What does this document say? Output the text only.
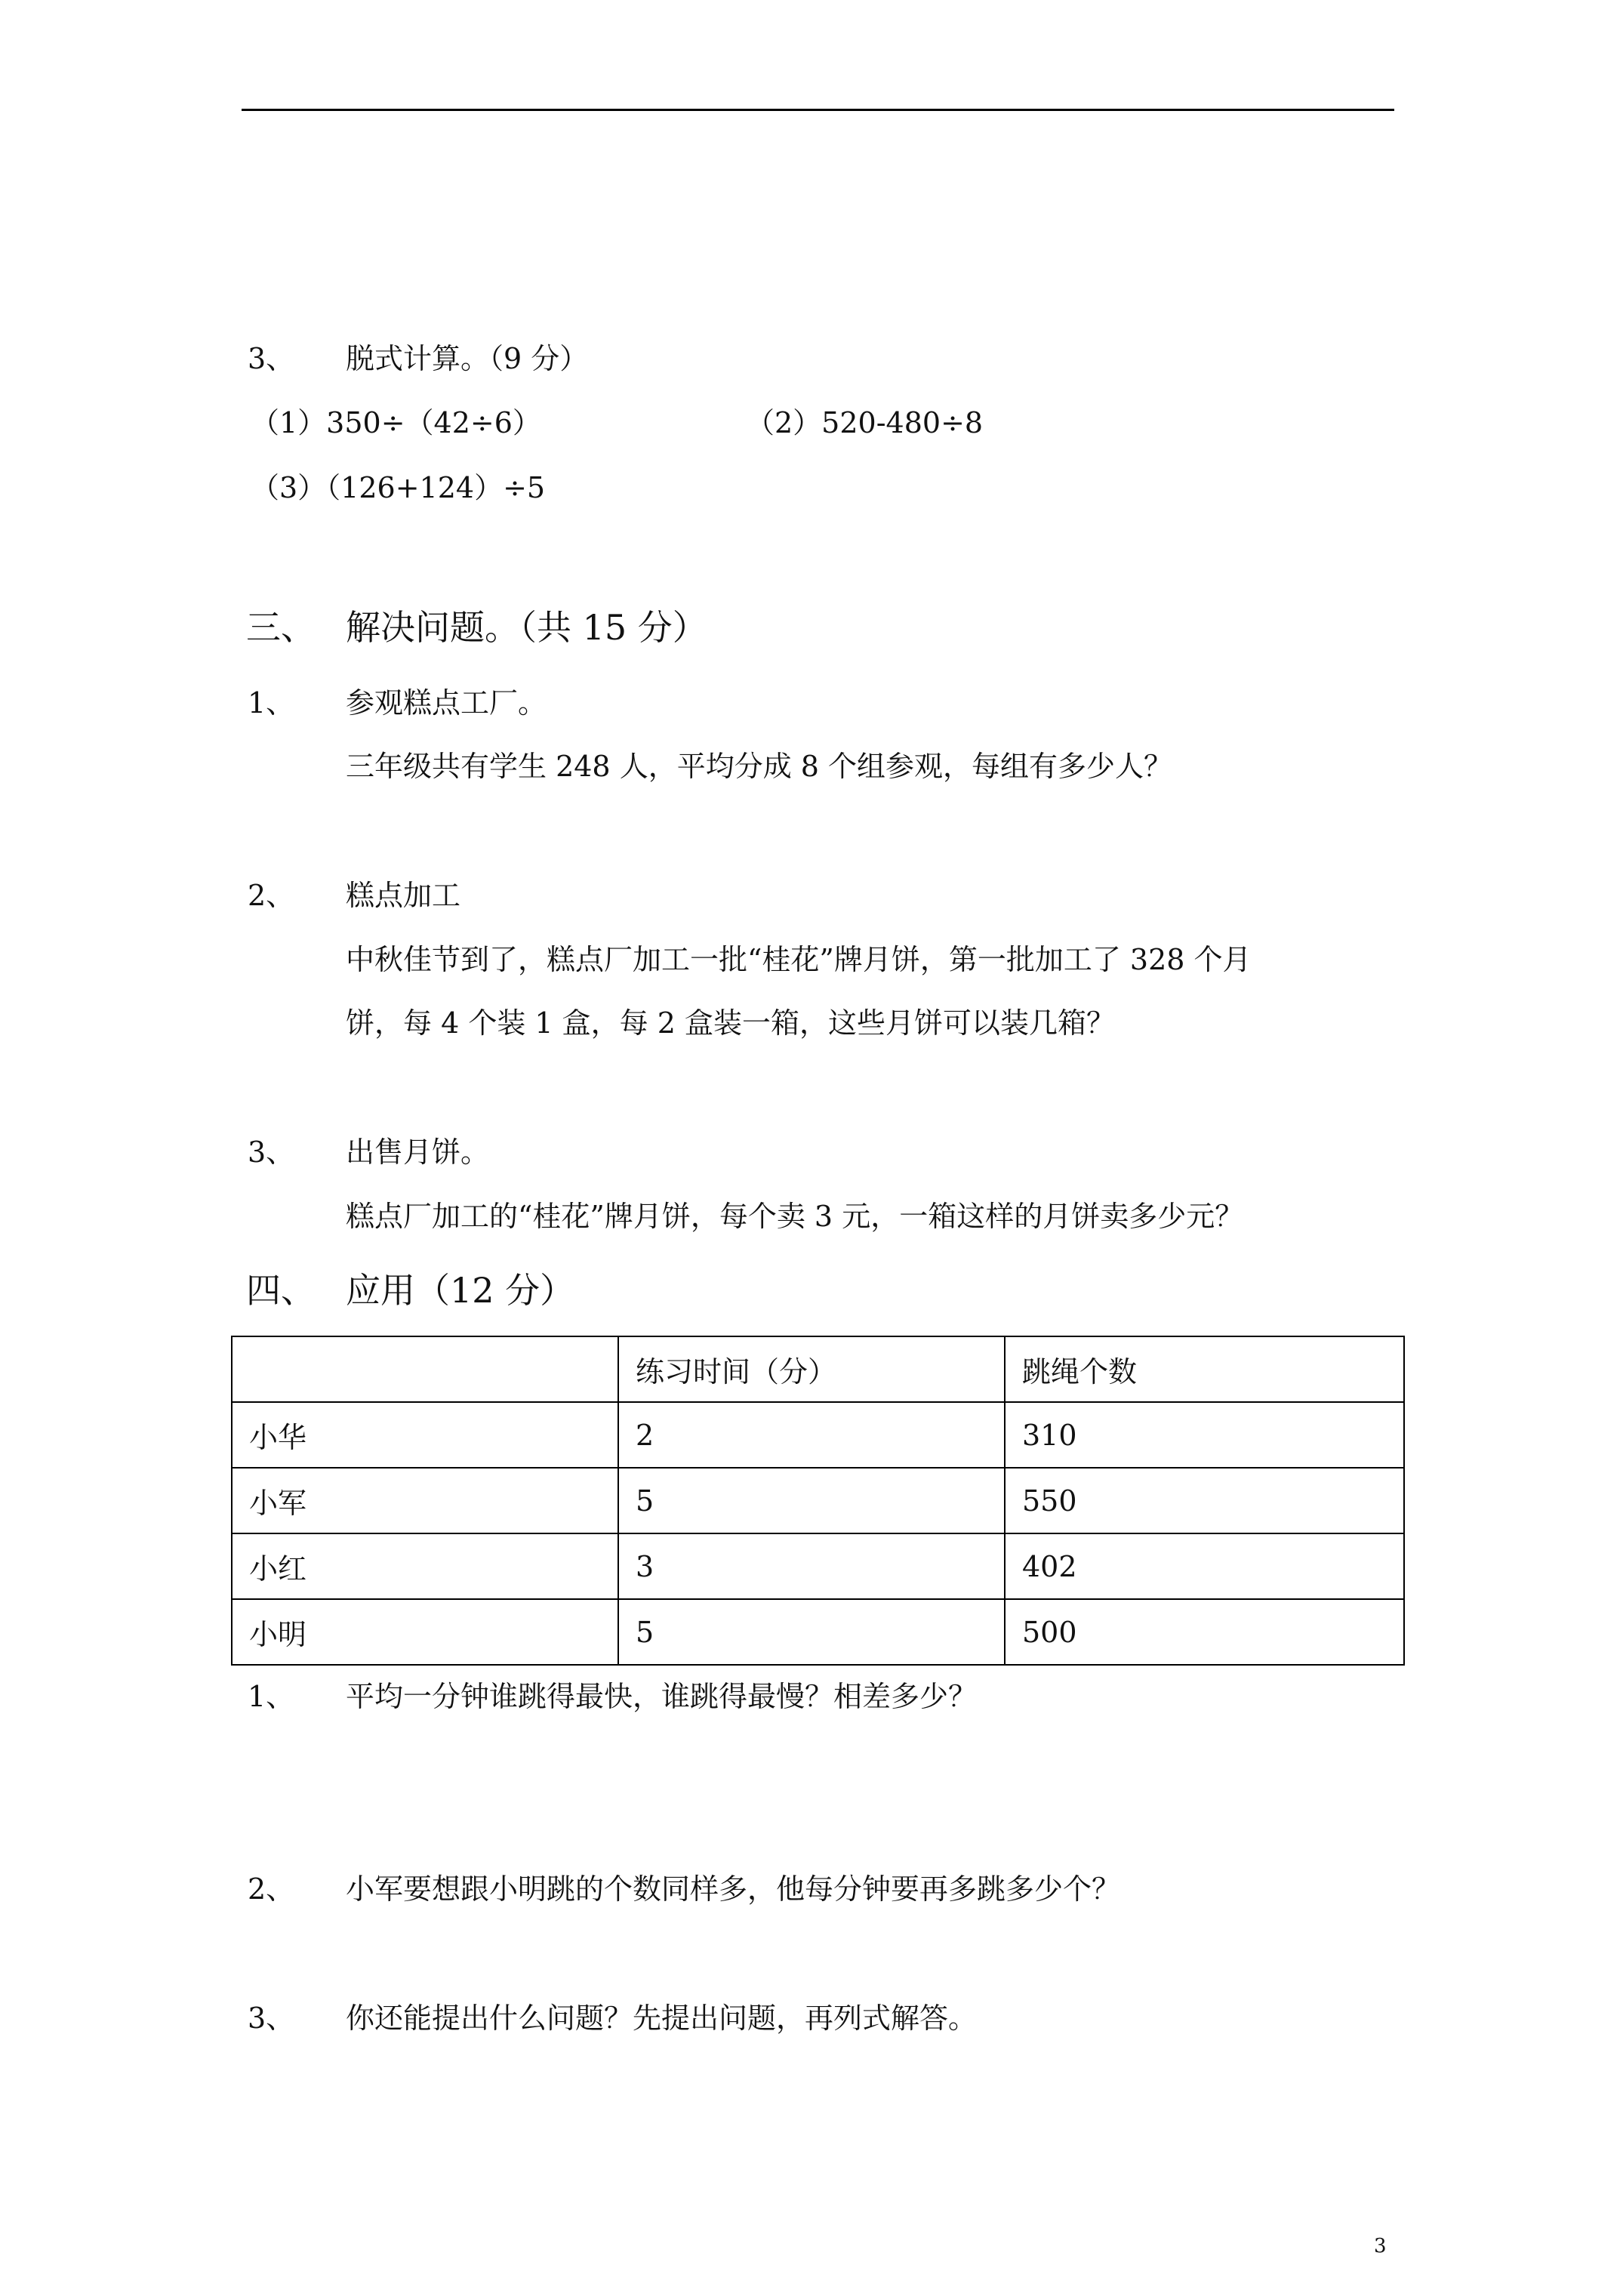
3、 脱式计算。（9 分）
（1）350÷（42÷6）	（2）520-480÷8
（3）（126+124）÷5
三、 解决问题。（共 15 分）
1、 参观糕点工厂。
三年级共有学生 248 人，平均分成 8 个组参观，每组有多少人？
2、 糕点加工
中秋佳节到了，糕点厂加工一批“桂花”牌月饼，第一批加工了 328 个月
饼，每 4 个装 1 盒，每 2 盒装一箱，这些月饼可以装几箱？
3、 出售月饼。
糕点厂加工的“桂花”牌月饼，每个卖 3 元，一箱这样的月饼卖多少元？
四、 应用（12 分）
	练习时间（分）	跳绳个数
小华	2	310
小军	5	550
小红	3	402
小明	5	500
1、 平均一分钟谁跳得最快，谁跳得最慢？相差多少？
2、 小军要想跟小明跳的个数同样多，他每分钟要再多跳多少个？
3、 你还能提出什么问题？先提出问题，再列式解答。
3
